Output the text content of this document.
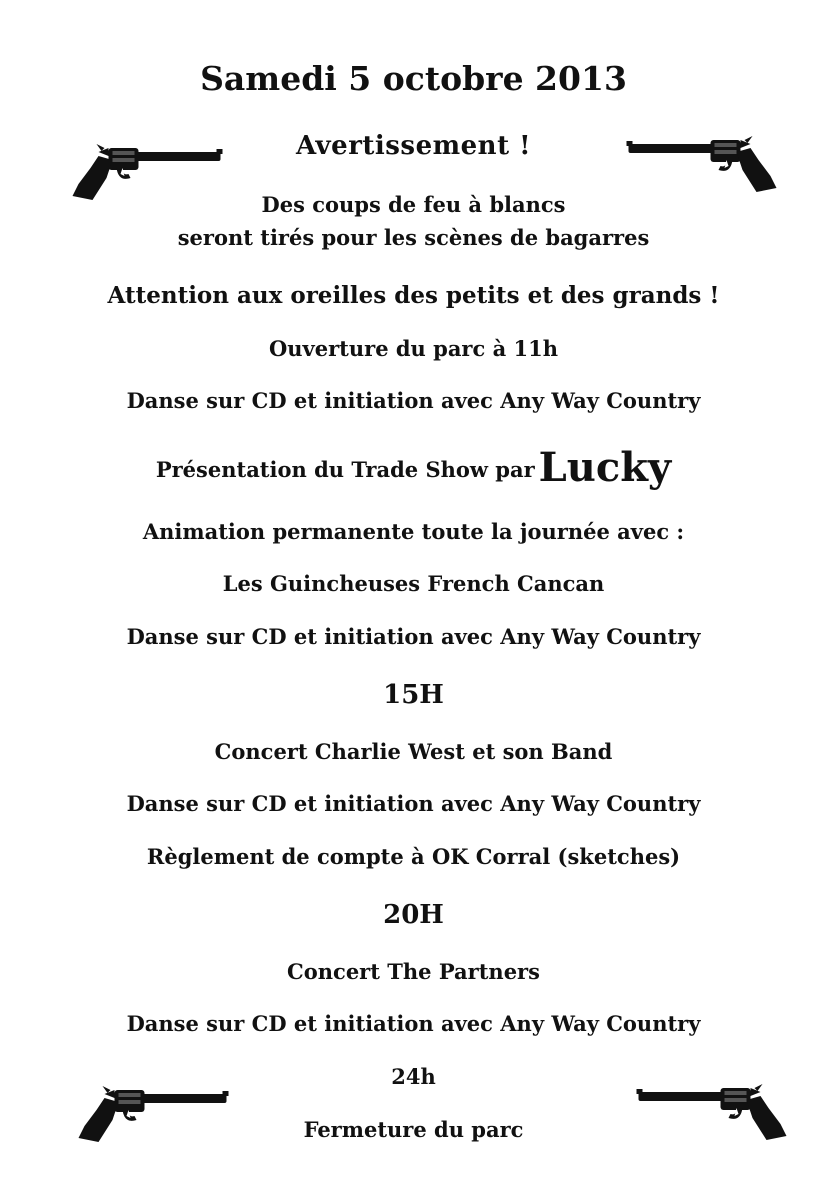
Samedi 5 octobre 2013
Avertissement !
Des coups de feu à blancs
seront tirés pour les scènes de bagarres
Attention aux oreilles des petits et des grands !
Ouverture du parc à 11h
Danse sur CD et initiation avec Any Way Country
Présentation du Trade Show par Lucky
Animation permanente toute la journée avec :
Les Guincheuses French Cancan
Danse sur CD et initiation avec Any Way Country
15H
Concert Charlie West et son Band
Danse sur CD et initiation avec Any Way Country
Règlement de compte à OK Corral (sketches)
20H
Concert The Partners
Danse sur CD et initiation avec Any Way Country
24h
Fermeture du parc
